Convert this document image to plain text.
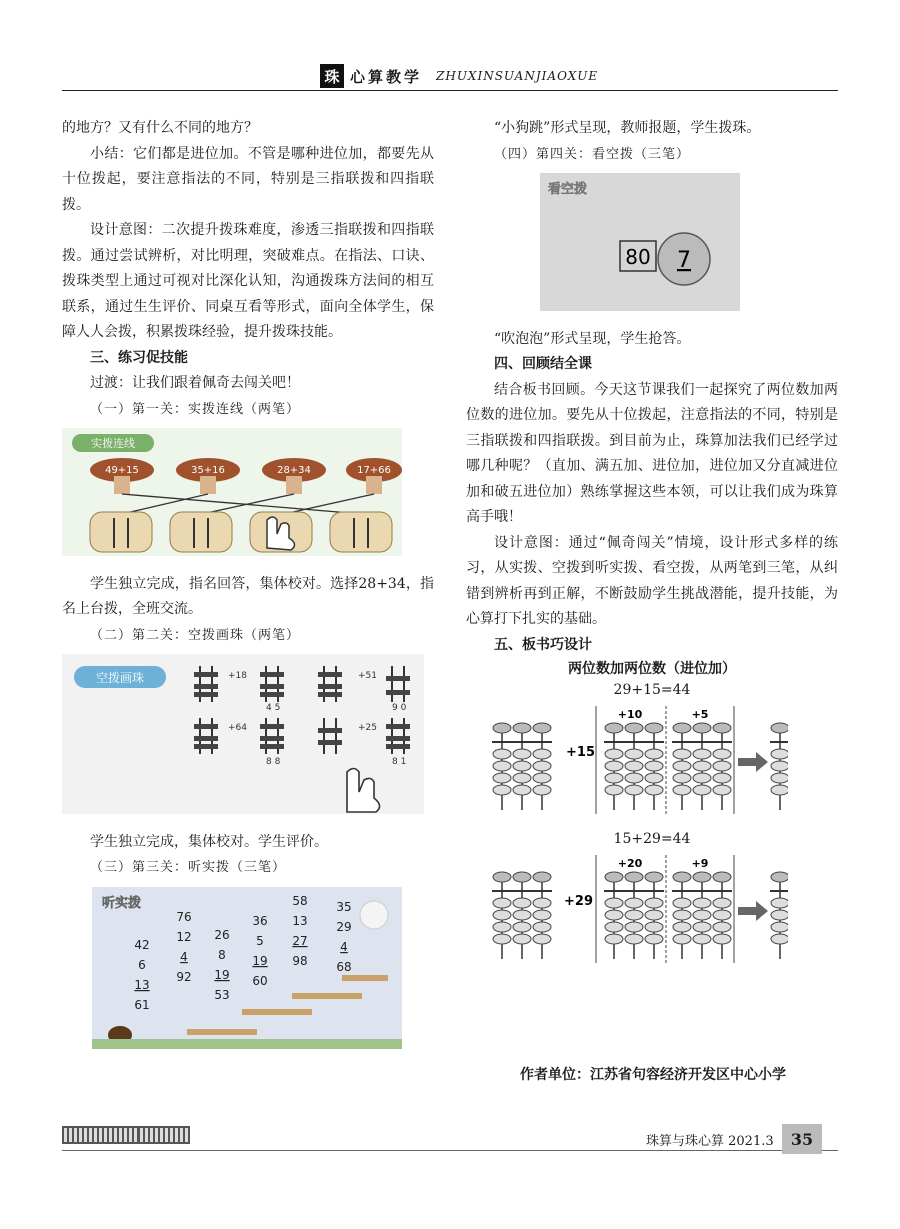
珠 心算教学 ZHUXINSUANJIAOXUE

的地方？又有什么不同的地方？

小结：它们都是进位加。不管是哪种进位加，都要先从十位拨起，要注意指法的不同，特别是三指联拨和四指联拨。

设计意图：二次提升拨珠难度，渗透三指联拨和四指联拨。通过尝试辨析，对比明理，突破难点。在指法、口诀、拨珠类型上通过可视对比深化认知，沟通拨珠方法间的相互联系，通过生生评价、同桌互看等形式，面向全体学生，保障人人会拨，积累拨珠经验，提升拨珠技能。

三、练习促技能

过渡：让我们跟着佩奇去闯关吧！

（一）第一关：实拨连线（两笔）
实拨连线
49+15	35+16	28+34	17+66

学生独立完成，指名回答，集体校对。选择28+34，指名上台拨，全班交流。

（二）第二关：空拨画珠（两笔）
空拨画珠	+18	+51
+64	+25
4 5	9 0
8 8	8 1

学生独立完成，集体校对。学生评价。

（三）第三关：听实拨（三笔）
听实拨
42
6
13
61
76
12
4
92
26
8
19
53
36
5
19
60
58
13
27
98
35
29
4
68

“小狗跳”形式呈现，教师报题，学生拨珠。

（四）第四关：看空拨（三笔）
看空拨
80 7

“吹泡泡”形式呈现，学生抢答。

四、回顾结全课

结合板书回顾。今天这节课我们一起探究了两位数加两位数的进位加。要先从十位拨起，注意指法的不同，特别是三指联拨和四指联拨。到目前为止，珠算加法我们已经学过哪几种呢？（直加、满五加、进位加，进位加又分直减进位加和破五进位加）熟练掌握这些本领，可以让我们成为珠算高手哦！

设计意图：通过“佩奇闯关”情境，设计形式多样的练习，从实拨、空拨到听实拨、看空拨，从两笔到三笔，从纠错到辨析再到正解，不断鼓励学生挑战潜能，提升技能，为心算打下扎实的基础。

五、板书巧设计
两位数加两位数（进位加）
29+15=44
+15
+10	+5
15+29=44
+29
+20	+9
作者单位：江苏省句容经济开发区中心小学
珠算与珠心算 2021.3	35
